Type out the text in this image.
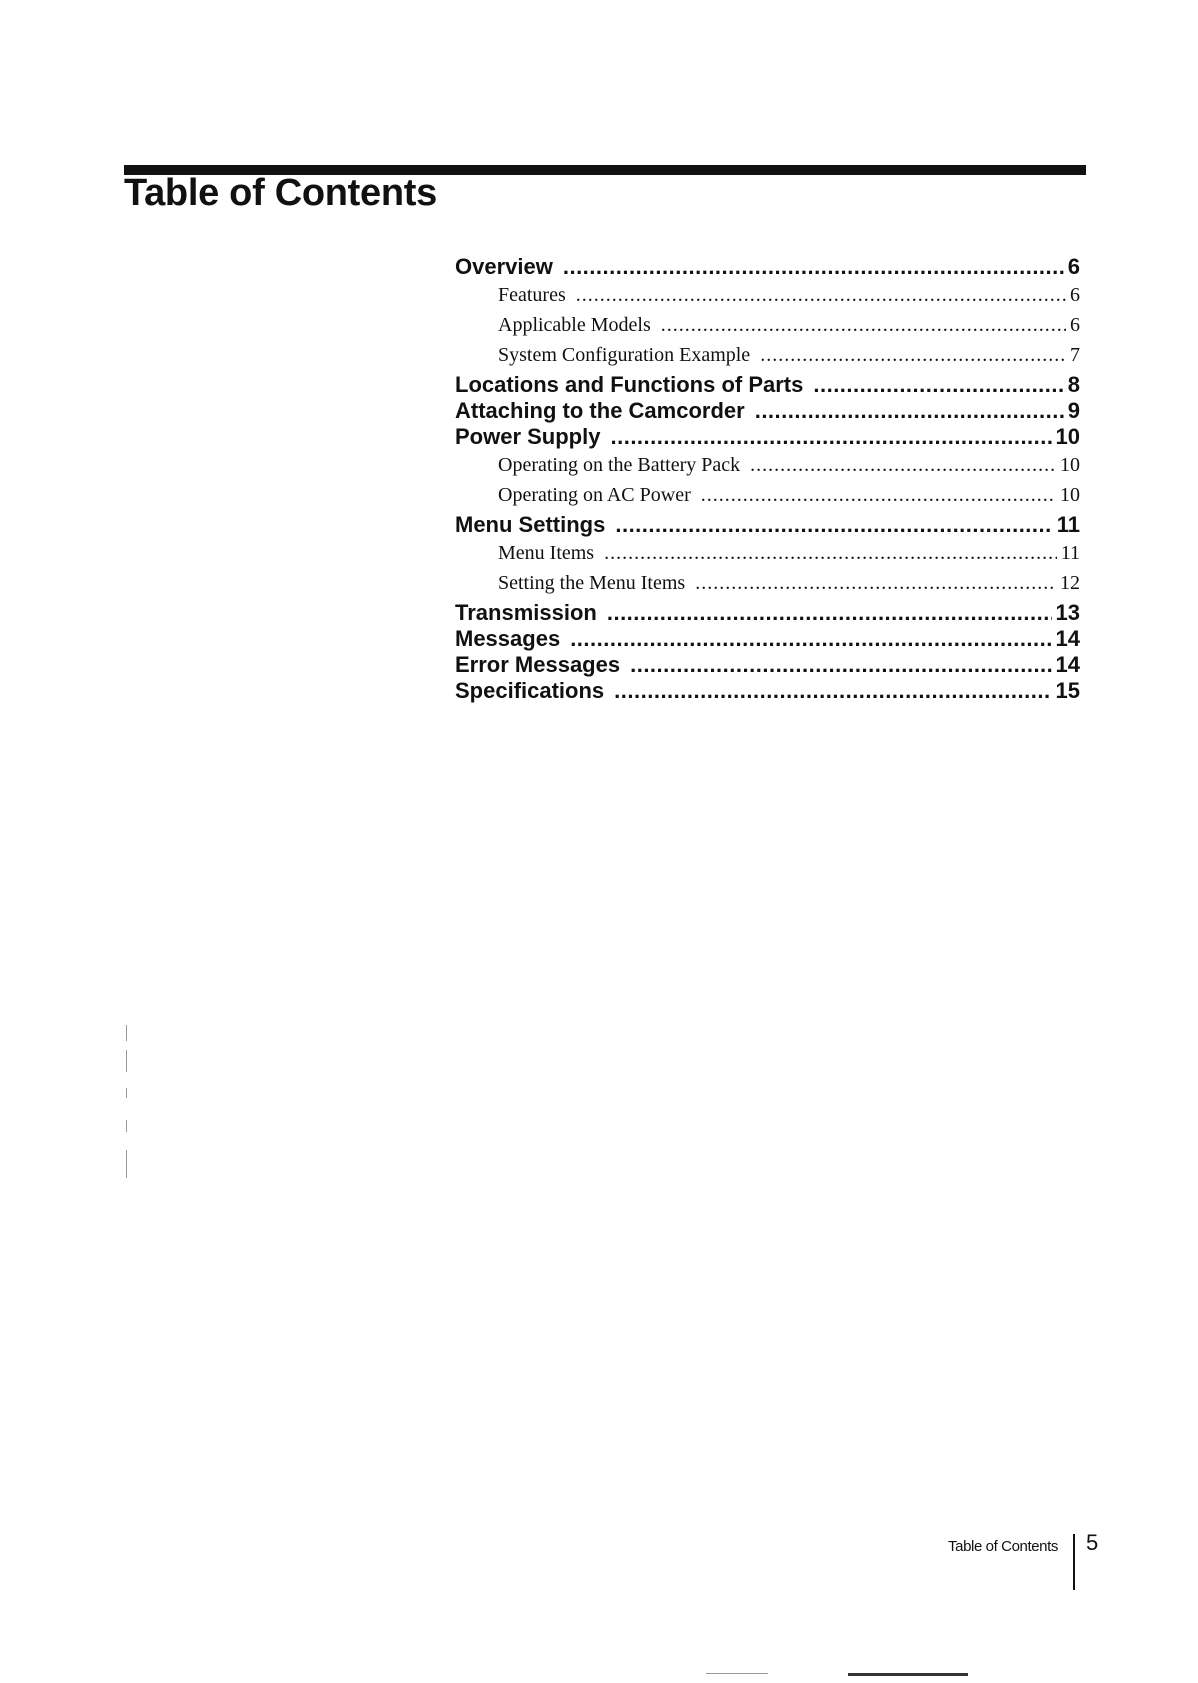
Table of Contents
Overview .....	6
Features .....	6
Applicable Models .....	6
System Configuration Example .....	7
Locations and Functions of Parts .....	8
Attaching to the Camcorder .....	9
Power Supply .....	10
Operating on the Battery Pack .....	10
Operating on AC Power .....	10
Menu Settings .....	11
Menu Items .....	11
Setting the Menu Items .....	12
Transmission .....	13
Messages .....	14
Error Messages .....	14
Specifications .....	15
Table of Contents 5
